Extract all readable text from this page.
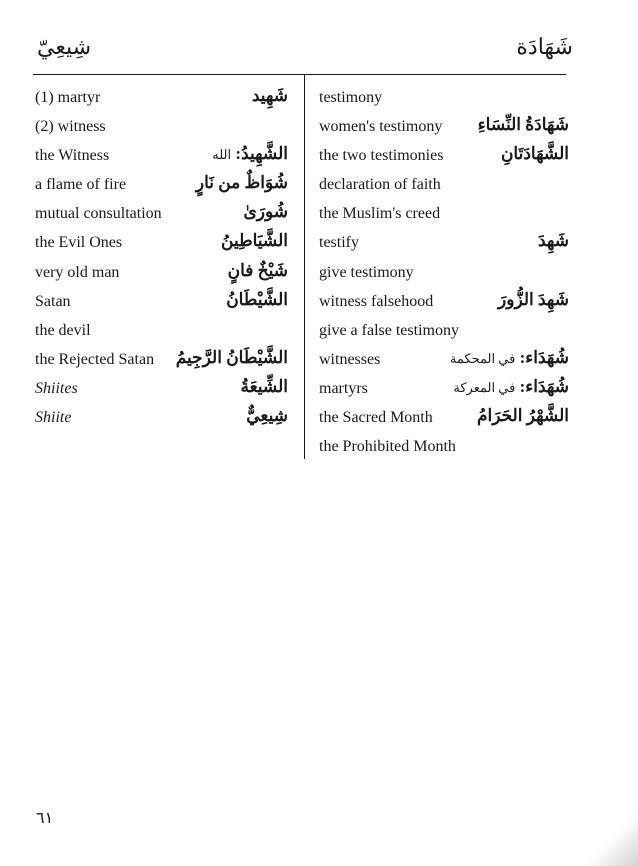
شِيعِيّ	شَهَادَة
(1) martyr	شَهِيد
(2) witness
the Witness	الشَّهِيدُ: الله
a flame of fire	شُوَاظٌ من نَارٍ
mutual consultation	شُورَىٰ
the Evil Ones	الشَّيَاطِينُ
very old man	شَيْخٌ فانٍ
Satan	الشَّيْطَانُ
the devil
the Rejected Satan الشَّيْطَانُ الرَّجِيمُ
Shiites	الشِّيعَةُ
Shiite	شِيعِيٌّ
testimony
women's testimony شَهَادَةُ النِّسَاءِ
the two testimonies	الشَّهَادَتَانِ
declaration of faith
the Muslim's creed
testify	شَهِدَ
give testimony
witness falsehood	شَهِدَ الزُّورَ
give a false testimony
witnesses	شُهَدَاء: في المحكمة
martyrs	شُهَدَاء: في المعركة
the Sacred Month	الشَّهْرُ الحَرَامُ
the Prohibited Month
٦١
